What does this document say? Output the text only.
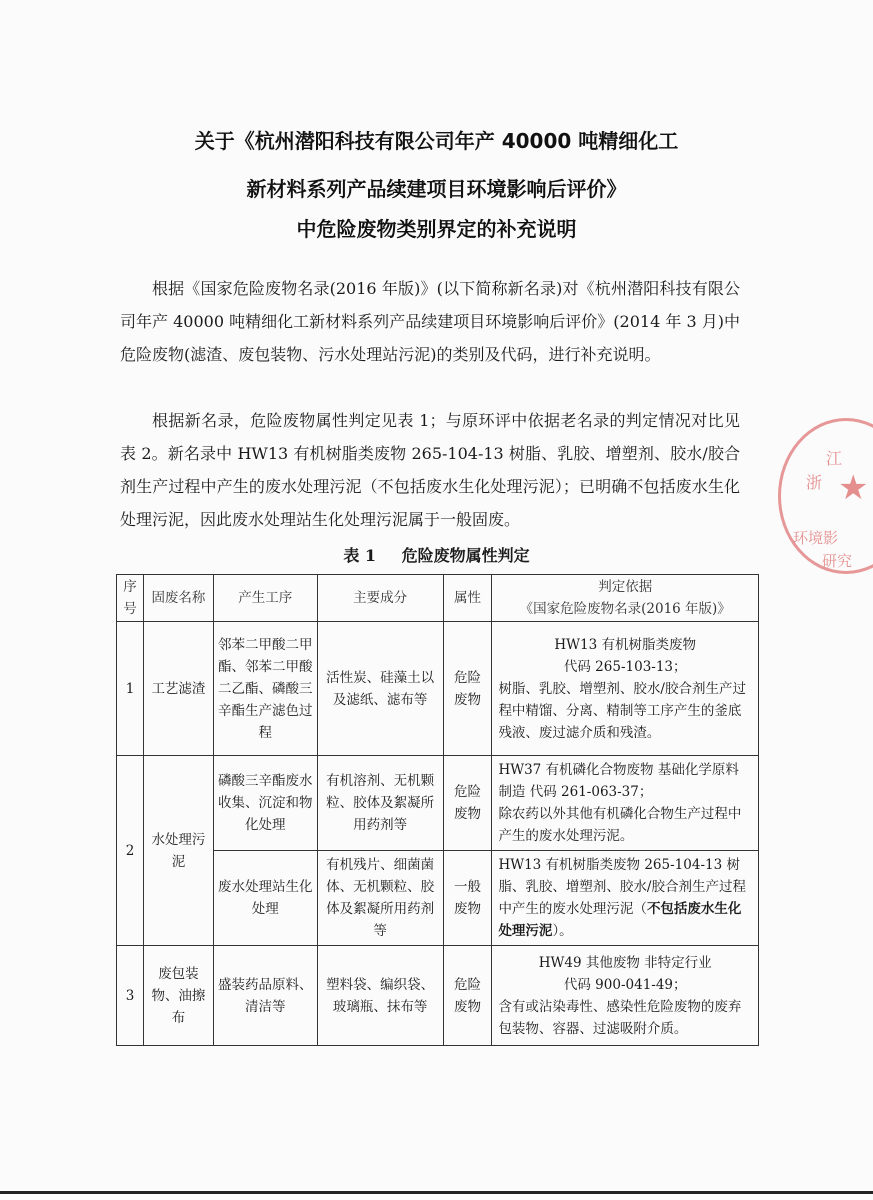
关于《杭州潜阳科技有限公司年产 40000 吨精细化工
新材料系列产品续建项目环境影响后评价》
中危险废物类别界定的补充说明

根据《国家危险废物名录(2016 年版)》(以下简称新名录)对《杭州潜阳科技有限公司年产 40000 吨精细化工新材料系列产品续建项目环境影响后评价》(2014 年 3 月)中危险废物(滤渣、废包装物、污水处理站污泥)的类别及代码，进行补充说明。

根据新名录，危险废物属性判定见表 1；与原环评中依据老名录的判定情况对比见表 2。新名录中 HW13 有机树脂类废物 265-104-13 树脂、乳胶、增塑剂、胶水/胶合剂生产过程中产生的废水处理污泥（不包括废水生化处理污泥）；已明确不包括废水生化处理污泥，因此废水处理站生化处理污泥属于一般固废。

表 1 危险废物属性判定
序号	固废名称	产生工序	主要成分	属性	判定依据
《国家危险废物名录(2016 年版)》

1	工艺滤渣	邻苯二甲酸二甲酯、邻苯二甲酸二乙酯、磷酸三辛酯生产滤色过程	活性炭、硅藻土以及滤纸、滤布等	危险废物	HW13 有机树脂类废物
代码 265-103-13；
树脂、乳胶、增塑剂、胶水/胶合剂生产过程中精馏、分离、精制等工序产生的釜底残液、废过滤介质和残渣。
2	水处理污泥	磷酸三辛酯废水收集、沉淀和物化处理	有机溶剂、无机颗粒、胶体及絮凝所用药剂等	危险废物	HW37 有机磷化合物废物 基础化学原料制造 代码 261-063-37；
除农药以外其他有机磷化合物生产过程中产生的废水处理污泥。
		废水处理站生化处理	有机残片、细菌菌体、无机颗粒、胶体及絮凝所用药剂等	一般废物	HW13 有机树脂类废物 265-104-13 树脂、乳胶、增塑剂、胶水/胶合剂生产过程中产生的废水处理污泥（不包括废水生化处理污泥）。
3	废包装物、油擦布	盛装药品原料、清洁等	塑料袋、编织袋、玻璃瓶、抹布等	危险废物	HW49 其他废物 非特定行业
代码 900-041-49；
含有或沾染毒性、感染性危险废物的废弃包装物、容器、过滤吸附介质。
浙
江
★
环境影
研究
